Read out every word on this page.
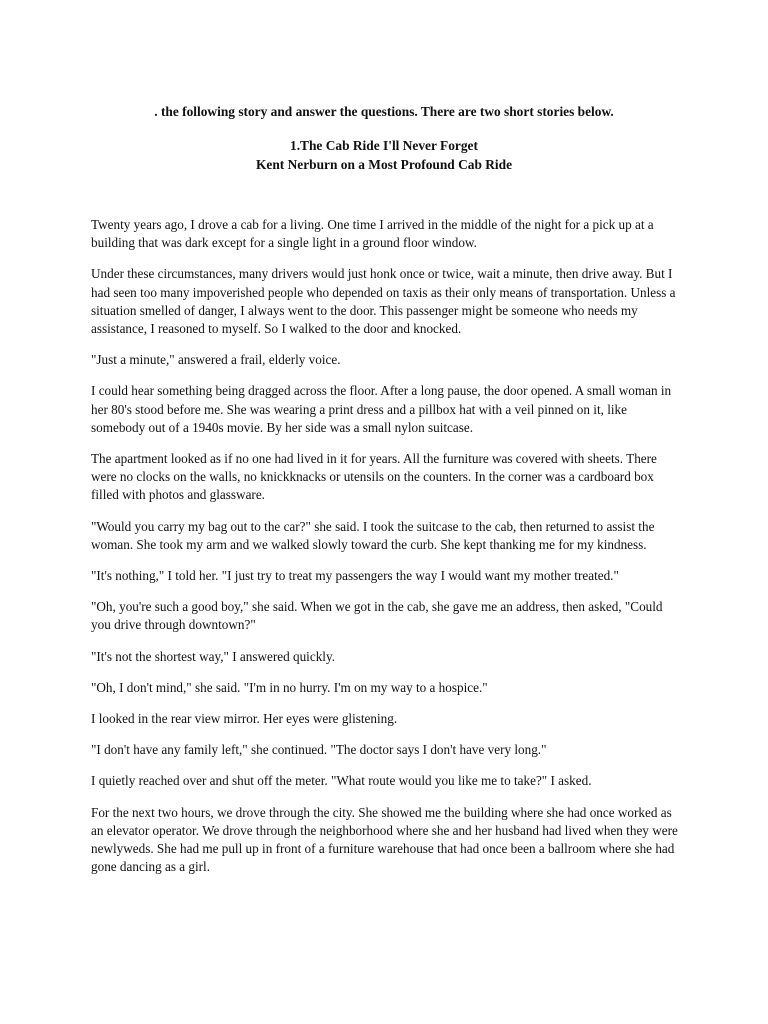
. the following story and answer the questions. There are two short stories below.
1.The Cab Ride I'll Never Forget
Kent Nerburn on a Most Profound Cab Ride

Twenty years ago, I drove a cab for a living. One time I arrived in the middle of the night for a pick up at a building that was dark except for a single light in a ground floor window.

Under these circumstances, many drivers would just honk once or twice, wait a minute, then drive away. But I had seen too many impoverished people who depended on taxis as their only means of transportation. Unless a situation smelled of danger, I always went to the door. This passenger might be someone who needs my assistance, I reasoned to myself. So I walked to the door and knocked.

"Just a minute," answered a frail, elderly voice.

I could hear something being dragged across the floor. After a long pause, the door opened. A small woman in her 80's stood before me. She was wearing a print dress and a pillbox hat with a veil pinned on it, like somebody out of a 1940s movie. By her side was a small nylon suitcase.

The apartment looked as if no one had lived in it for years. All the furniture was covered with sheets. There were no clocks on the walls, no knickknacks or utensils on the counters. In the corner was a cardboard box filled with photos and glassware.

"Would you carry my bag out to the car?" she said. I took the suitcase to the cab, then returned to assist the woman. She took my arm and we walked slowly toward the curb. She kept thanking me for my kindness.

"It's nothing," I told her. "I just try to treat my passengers the way I would want my mother treated."

"Oh, you're such a good boy," she said. When we got in the cab, she gave me an address, then asked, "Could you drive through downtown?"

"It's not the shortest way," I answered quickly.

"Oh, I don't mind," she said. "I'm in no hurry. I'm on my way to a hospice."

I looked in the rear view mirror. Her eyes were glistening.

"I don't have any family left," she continued. "The doctor says I don't have very long."

I quietly reached over and shut off the meter. "What route would you like me to take?" I asked.

For the next two hours, we drove through the city. She showed me the building where she had once worked as an elevator operator. We drove through the neighborhood where she and her husband had lived when they were newlyweds. She had me pull up in front of a furniture warehouse that had once been a ballroom where she had gone dancing as a girl.
